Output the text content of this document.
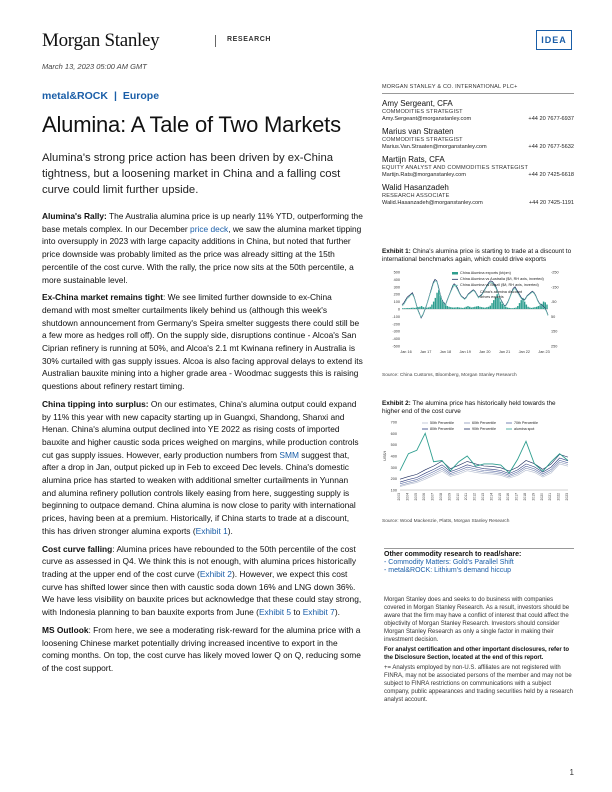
Morgan Stanley	RESEARCH	IDEA
March 13, 2023 05:00 AM GMT
metal&ROCK | Europe
Alumina: A Tale of Two Markets
Alumina's strong price action has been driven by ex-China tightness, but a loosening market in China and a falling cost curve could limit further upside.

Alumina's Rally: The Australia alumina price is up nearly 11% YTD, outperforming the base metals complex. In our December price deck, we saw the alumina market tipping into oversupply in 2023 with large capacity additions in China, but noted that further price downside was probably limited as the price was already sitting at the 15th percentile of the cost curve. With the rally, the price now sits at the 50th percentile, a more sustainable level.

Ex-China market remains tight: We see limited further downside to ex-China demand with most smelter curtailments likely behind us (although this week's shutdown announcement from Germany's Speira smelter suggests there could still be a few more as hedges roll off). On the supply side, disruptions continue - Alcoa's San Ciprian refinery is running at 50%, and Alcoa's 2.1 mt Kwinana refinery in Australia is 30% curtailed with gas supply issues. Alcoa is also facing approval delays to extend its Australian bauxite mining into a higher grade area - Woodmac suggests this is raising questions about refinery restart timing.

China tipping into surplus: On our estimates, China's alumina output could expand by 11% this year with new capacity starting up in Guangxi, Shandong, Shanxi and Henan. China's alumina output declined into YE 2022 as rising costs of imported bauxite and higher caustic soda prices weighed on margins, while production controls cut gas supply issues. However, early production numbers from SMM suggest that, after a drop in Jan, output picked up in Feb to exceed Dec levels. China's domestic alumina price has started to weaken with additional smelter curtailments in Yunnan and alumina refinery pollution controls likely easing from here, suggesting supply is beginning to outpace demand. China alumina is now close to parity with international prices, having been at a premium. Historically, if China starts to trade at a discount, this has driven stronger alumina exports (Exhibit 1).

Cost curve falling: Alumina prices have rebounded to the 50th percentile of the cost curve as assessed in Q4. We think this is not enough, with alumina prices historically trading at the upper end of the cost curve (Exhibit 2). However, we expect this cost curve has shifted lower since then with caustic soda down 16% and LNG down 36%. We have less visibility on bauxite prices but acknowledge that these could stay strong, with Indonesia planning to ban bauxite exports from June (Exhibit 5 to Exhibit 7).

MS Outlook: From here, we see a moderating risk-reward for the alumina price with a loosening Chinese market potentially driving increased incentive to export in the coming months. On top, the cost curve has likely moved lower Q on Q, reducing some of the cost support.

MORGAN STANLEY & CO. INTERNATIONAL PLC+
Amy Sergeant, CFA
COMMODITIES STRATEGIST
Amy.Sergeant@morganstanley.com	+44 20 7677-6937
Marius van Straaten
COMMODITIES STRATEGIST
Marius.Van.Straaten@morganstanley.com	+44 20 7677-5632
Martijn Rats, CFA
EQUITY ANALYST AND COMMODITIES STRATEGIST
Martijn.Rats@morganstanley.com	+44 20 7425-6618
Walid Hasanzadeh
RESEARCH ASSOCIATE
Walid.Hasanzadeh@morganstanley.com	+44 20 7425-1191
Exhibit 1: China's alumina price is starting to trade at a discount to international benchmarks again, which could drive exports
500
400
300
200
100
0
-100
-200
-300
-400
-500	250
150
50
-50
-150
-250
Jan 16 Jan 17 Jan 18 Jan 19 Jan 20 Jan 21 Jan 22 Jan 23
China Alumina exports (kt/pm)
China Alumina vs Australia ($/t, RH axis, inverted)
China Alumina vs Brazil ($/t, RH axis, inverted)
China's alumina discount
drives exports
Source: China Customs, Bloomberg, Morgan Stanley Research
Exhibit 2: The alumina price has historically held towards the higher end of the cost curve
100
200
300
400
500
600
700
US$/t
2003 2004 2005 2006 2007 2008 2009 2010 2011 2012 2013 2014 2015 2016 2017 2018 2019 2020 2021 2022 2023
50th Percentile	60th Percentile	70th Percentile
80th Percentile	90th Percentile	alumina spot
Source: Wood Mackenzie, Platts, Morgan Stanley Research
Other commodity research to read/share:
- Commodity Matters: Gold's Parallel Shift
- metal&ROCK: Lithium's demand hiccup
Morgan Stanley does and seeks to do business with companies covered in Morgan Stanley Research. As a result, investors should be aware that the firm may have a conflict of interest that could affect the objectivity of Morgan Stanley Research. Investors should consider Morgan Stanley Research as only a single factor in making their investment decision.
For analyst certification and other important disclosures, refer to the Disclosure Section, located at the end of this report.
+= Analysts employed by non-U.S. affiliates are not registered with FINRA, may not be associated persons of the member and may not be subject to FINRA restrictions on communications with a subject company, public appearances and trading securities held by a research analyst account.
1
